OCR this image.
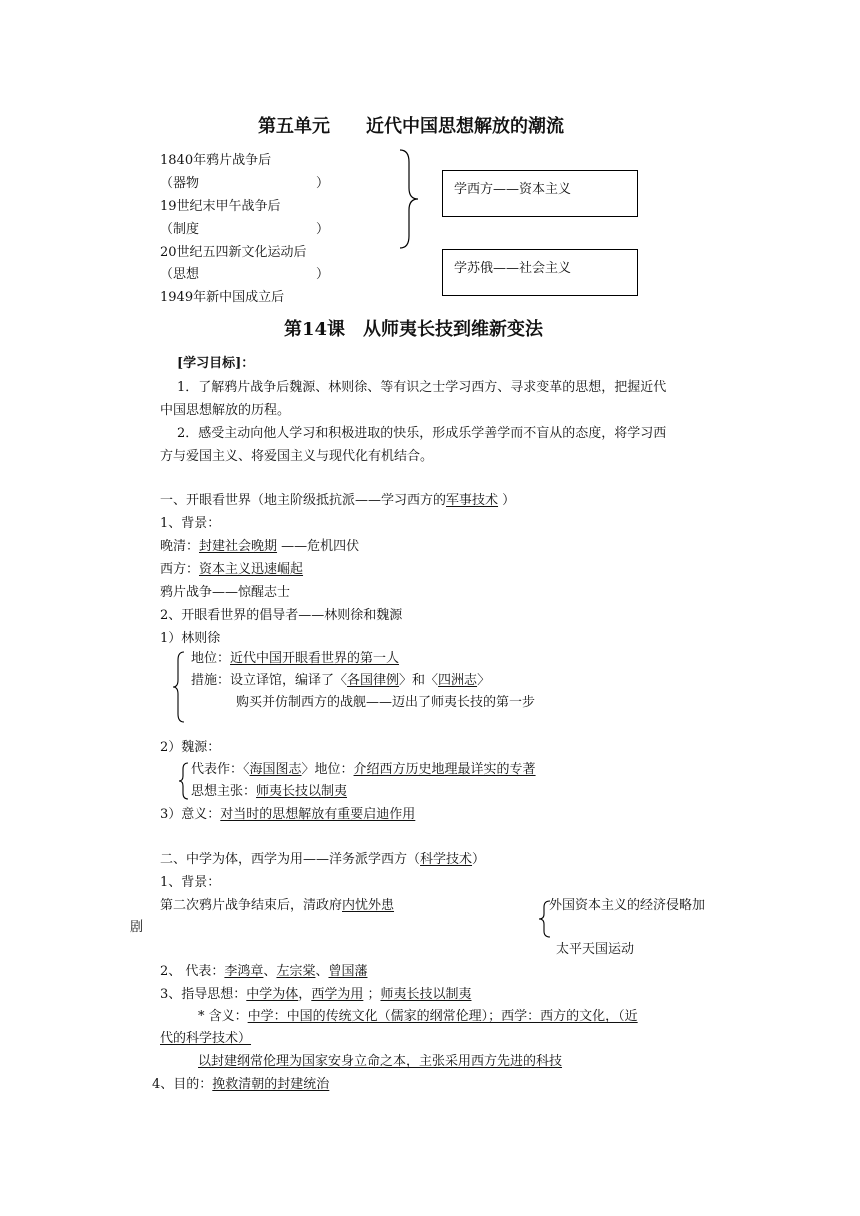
第五单元　　近代中国思想解放的潮流
1840年鸦片战争后
（器物　　　　　　　　　）
19世纪末甲午战争后
（制度　　　　　　　　　）
20世纪五四新文化运动后
（思想　　　　　　　　　）
1949年新中国成立后
学西方——资本主义
学苏俄——社会主义
第14课　从师夷长技到维新变法
[学习目标]：
1．了解鸦片战争后魏源、林则徐、等有识之士学习西方、寻求变革的思想，把握近代
中国思想解放的历程。
2．感受主动向他人学习和积极进取的快乐，形成乐学善学而不盲从的态度，将学习西
方与爱国主义、将爱国主义与现代化有机结合。
一、开眼看世界（地主阶级抵抗派——学习西方的军事技术 ）
1、背景：
晚清：封建社会晚期 ——危机四伏
西方：资本主义迅速崛起
鸦片战争——惊醒志士
2、开眼看世界的倡导者——林则徐和魏源
1）林则徐
地位：近代中国开眼看世界的第一人
措施：设立译馆，编译了〈各国律例〉和〈四洲志〉
购买并仿制西方的战舰——迈出了师夷长技的第一步
2）魏源：
代表作：〈海国图志〉地位：介绍西方历史地理最详实的专著
思想主张：师夷长技以制夷
3）意义：对当时的思想解放有重要启迪作用
二、中学为体，西学为用——洋务派学西方（科学技术）
1、背景：
第二次鸦片战争结束后，清政府内忧外患
剧
外国资本主义的经济侵略加
太平天国运动
2、 代表：李鸿章、左宗棠、曾国藩
3、指导思想：中学为体，西学为用 ；师夷长技以制夷
* 含义：中学：中国的传统文化（儒家的纲常伦理）；西学：西方的文化，（近
代的科学技术）
以封建纲常伦理为国家安身立命之本，主张采用西方先进的科技
4、目的：挽救清朝的封建统治
